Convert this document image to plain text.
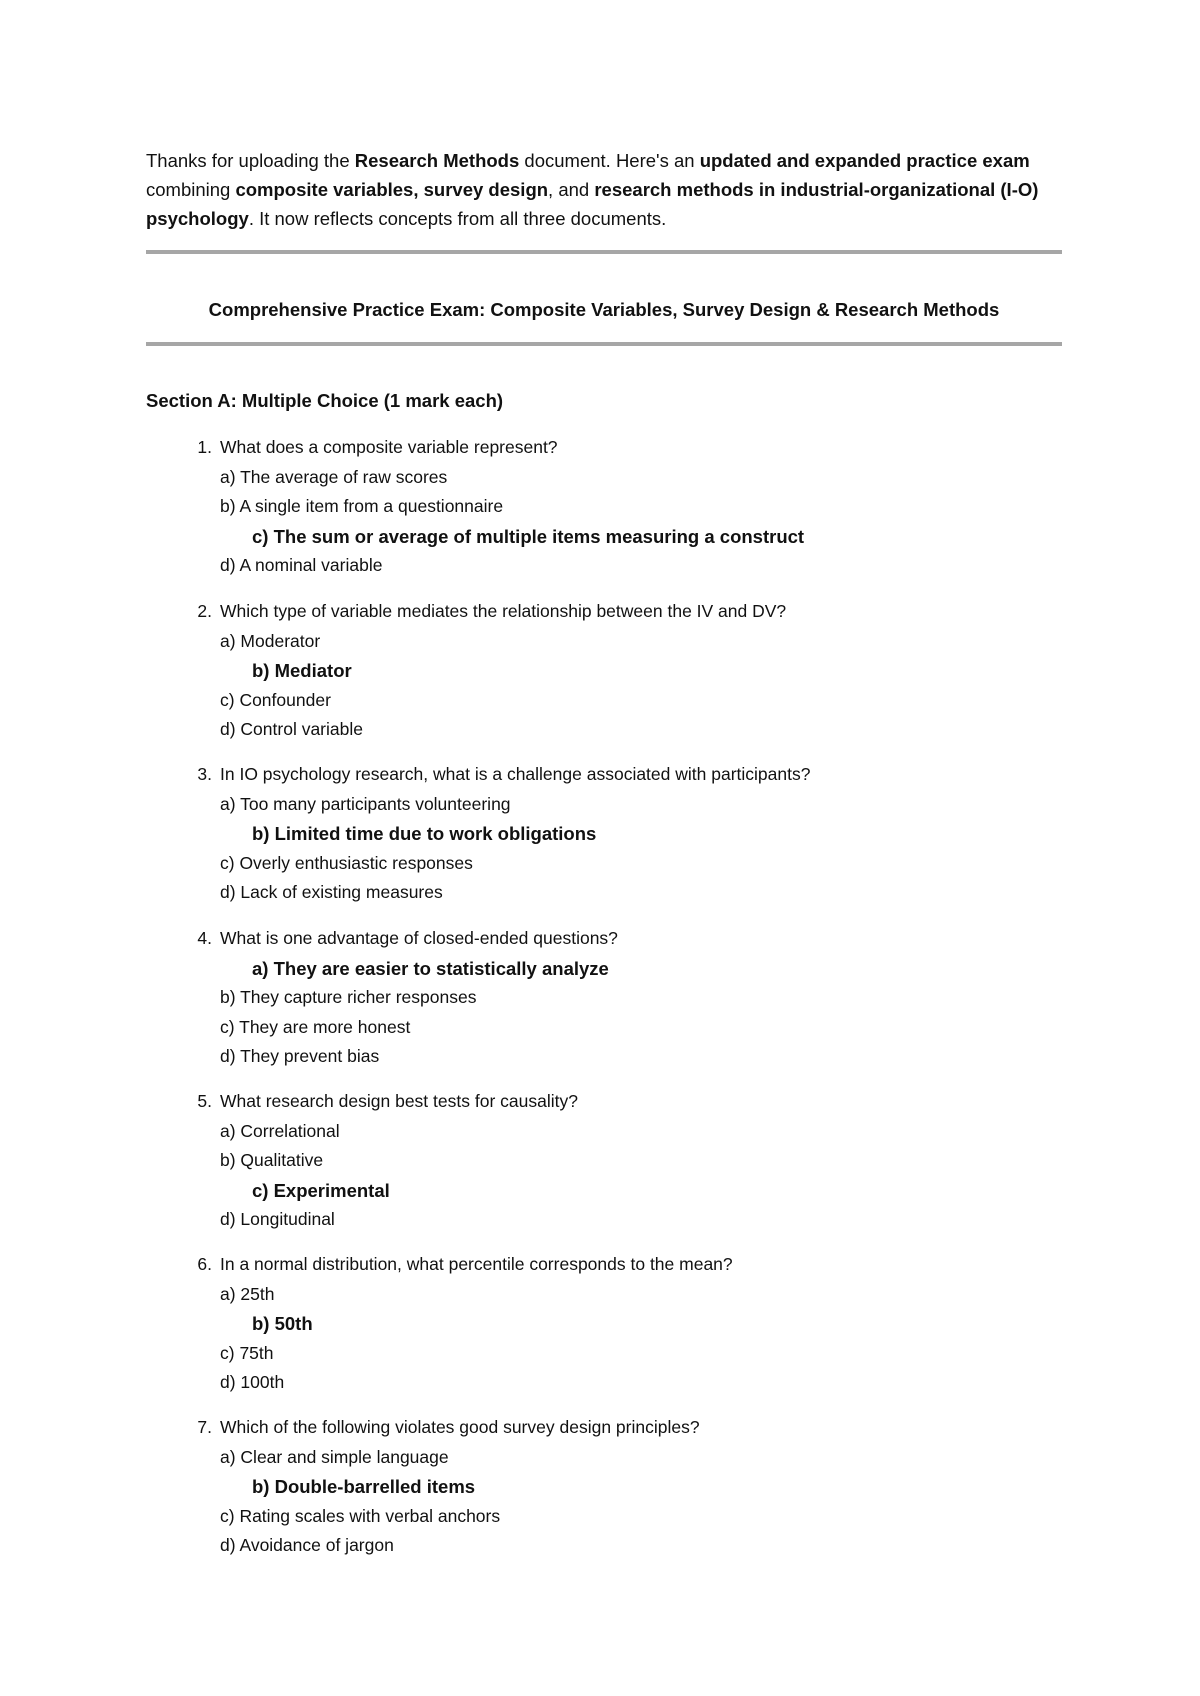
Thanks for uploading the Research Methods document. Here's an updated and expanded practice exam combining composite variables, survey design, and research methods in industrial-organizational (I-O) psychology. It now reflects concepts from all three documents.

Comprehensive Practice Exam: Composite Variables, Survey Design & Research Methods

Section A: Multiple Choice (1 mark each)

1. What does a composite variable represent?
a) The average of raw scores
b) A single item from a questionnaire
c) The sum or average of multiple items measuring a construct
d) A nominal variable
2. Which type of variable mediates the relationship between the IV and DV?
a) Moderator
b) Mediator
c) Confounder
d) Control variable
3. In IO psychology research, what is a challenge associated with participants?
a) Too many participants volunteering
b) Limited time due to work obligations
c) Overly enthusiastic responses
d) Lack of existing measures
4. What is one advantage of closed-ended questions?
a) They are easier to statistically analyze
b) They capture richer responses
c) They are more honest
d) They prevent bias
5. What research design best tests for causality?
a) Correlational
b) Qualitative
c) Experimental
d) Longitudinal
6. In a normal distribution, what percentile corresponds to the mean?
a) 25th
b) 50th
c) 75th
d) 100th
7. Which of the following violates good survey design principles?
a) Clear and simple language
b) Double-barrelled items
c) Rating scales with verbal anchors
d) Avoidance of jargon
